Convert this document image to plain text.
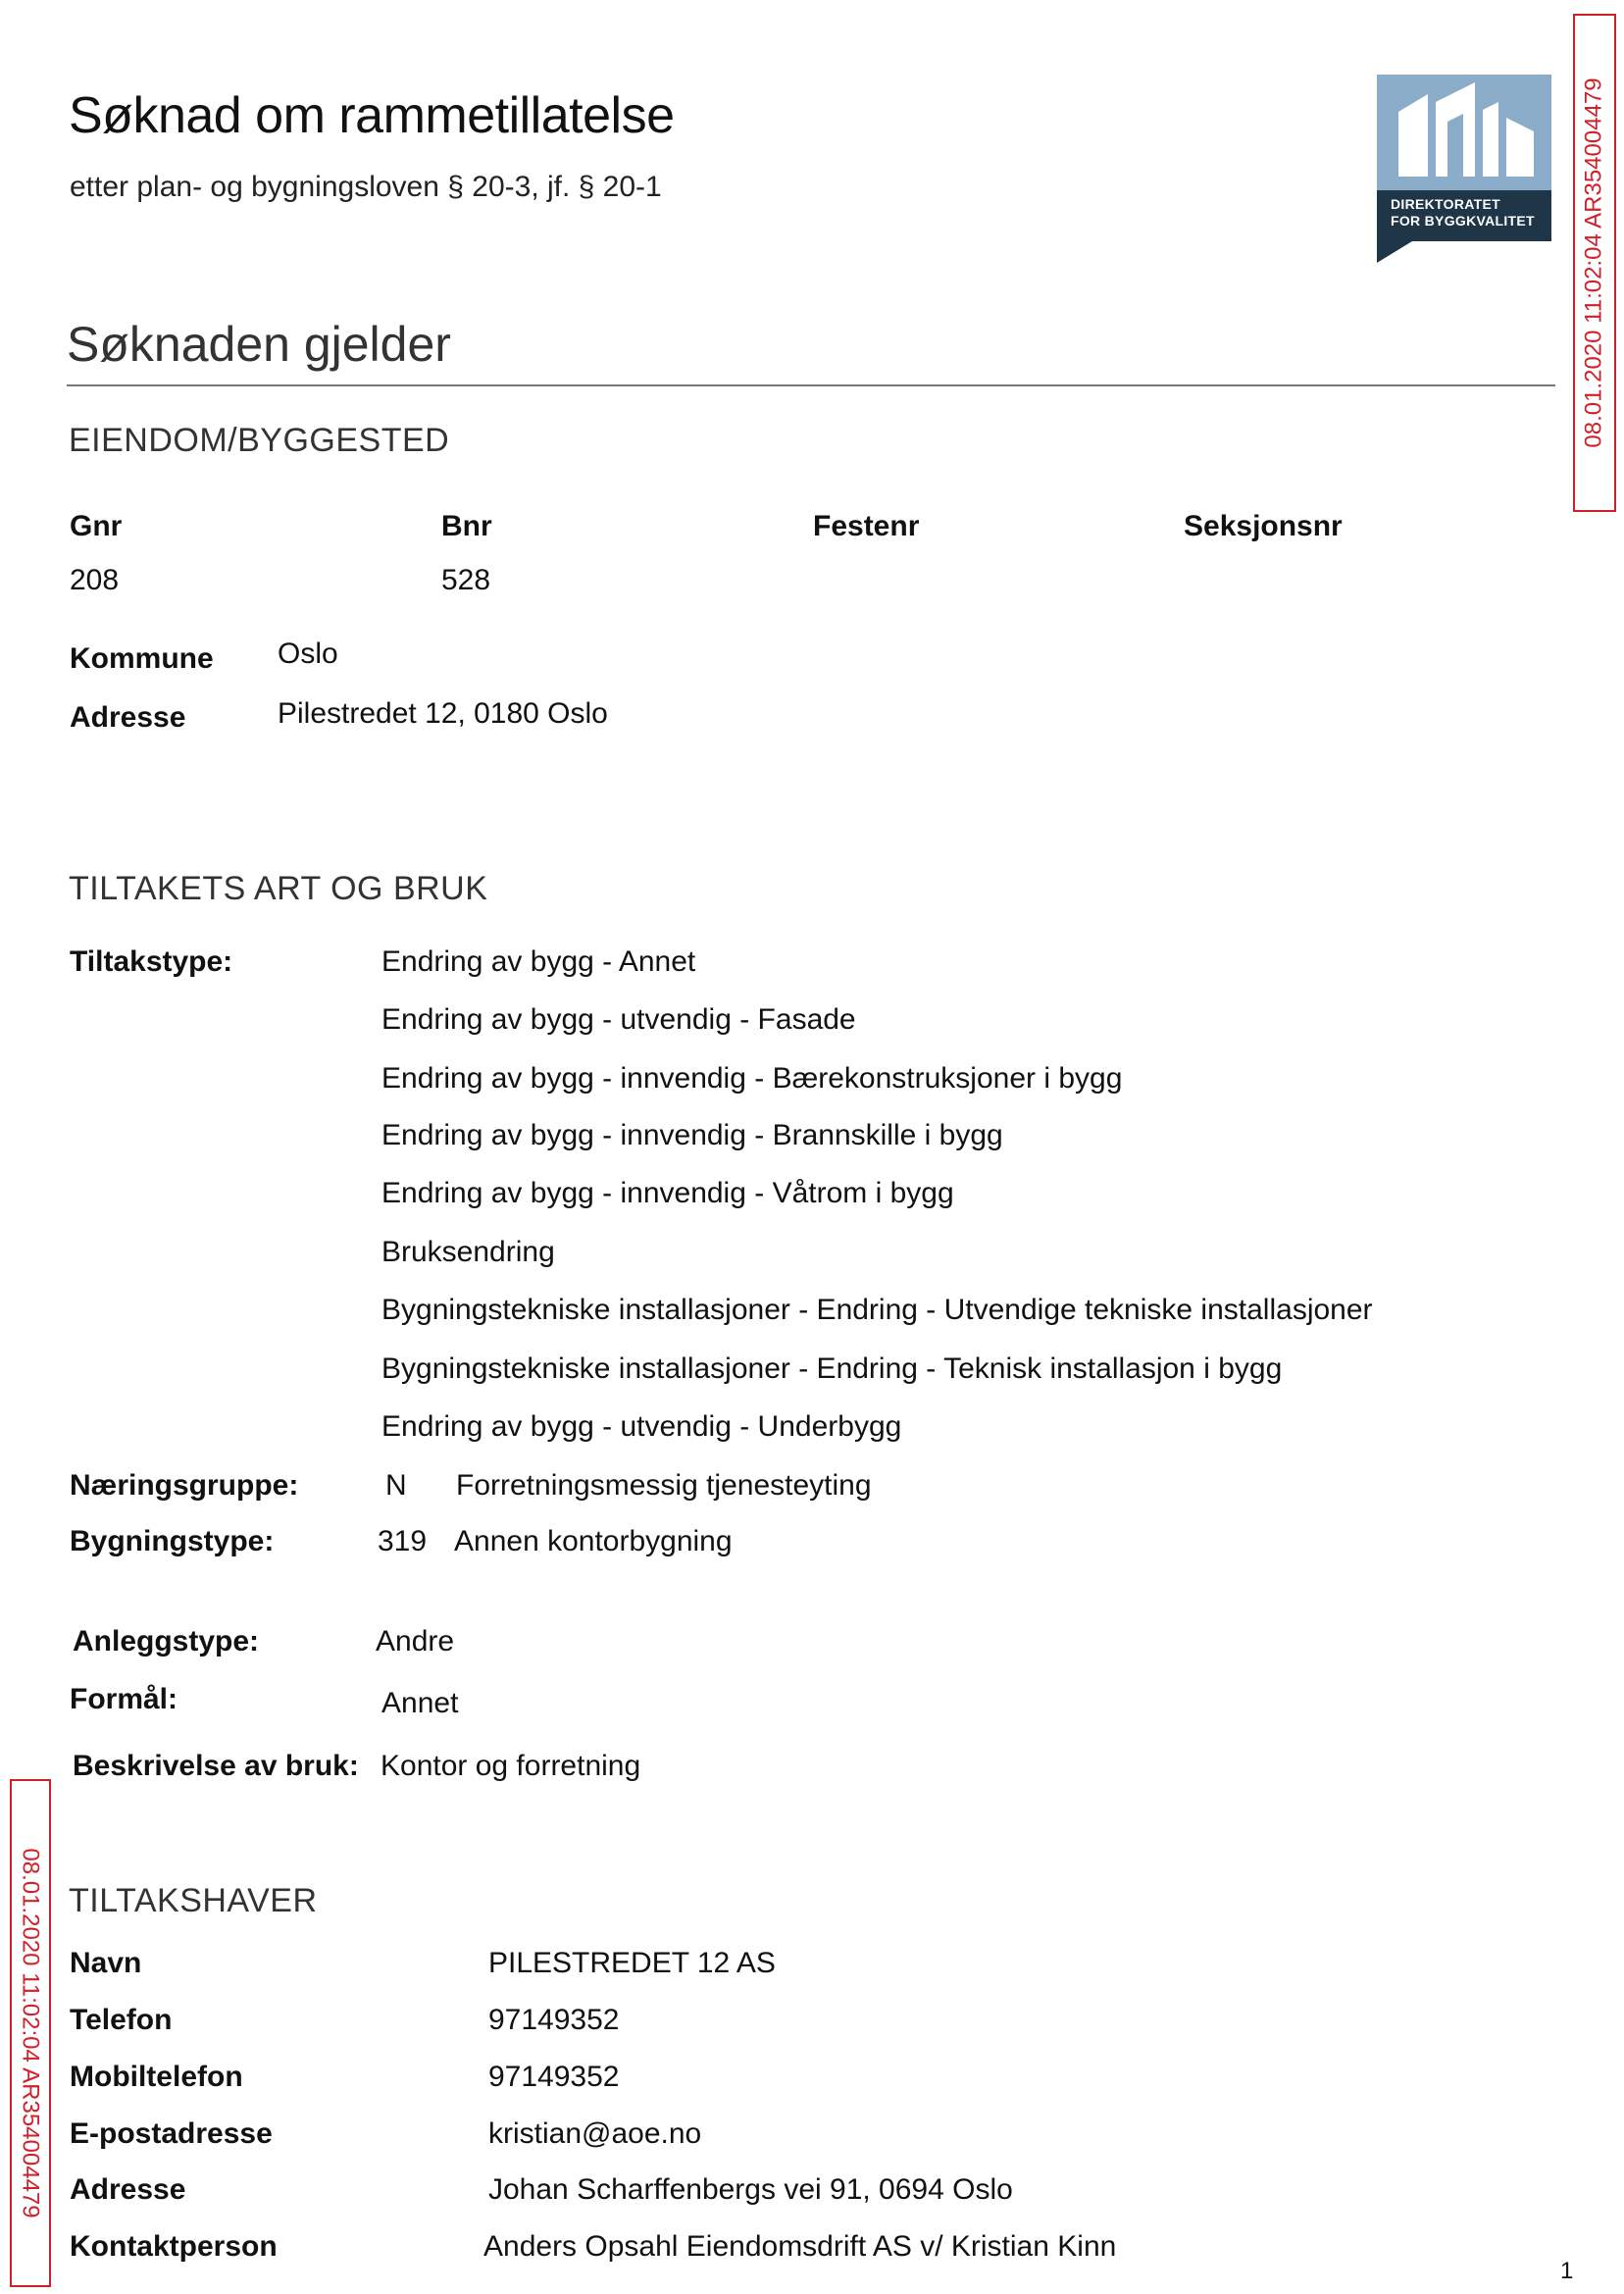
Søknad om rammetillatelse
etter plan- og bygningsloven § 20-3, jf. § 20-1
DIREKTORATET
FOR BYGGKVALITET	08.01.2020 11:02:04 AR354004479
08.01.2020 11:02:04 AR354004479
Søknaden gjelder
EIENDOM/BYGGESTED
Gnr	Bnr	Festenr	Seksjonsnr
208	528
Kommune Oslo
Adresse	Pilestredet 12, 0180 Oslo
TILTAKETS ART OG BRUK
Tiltakstype:	Endring av bygg - Annet
Endring av bygg - utvendig - Fasade
Endring av bygg - innvendig - Bærekonstruksjoner i bygg
Endring av bygg - innvendig - Brannskille i bygg
Endring av bygg - innvendig - Våtrom i bygg
Bruksendring
Bygningstekniske installasjoner - Endring - Utvendige tekniske installasjoner
Bygningstekniske installasjoner - Endring - Teknisk installasjon i bygg
Endring av bygg - utvendig - Underbygg
Næringsgruppe:	N Forretningsmessig tjenesteyting
Bygningstype:	319 Annen kontorbygning
Anleggstype:	Andre
Formål:	Annet
Beskrivelse av bruk: Kontor og forretning
TILTAKSHAVER
Navn	PILESTREDET 12 AS
Telefon	97149352
Mobiltelefon	97149352
E-postadresse	kristian@aoe.no
Adresse	Johan Scharffenbergs vei 91, 0694 Oslo
Kontaktperson	Anders Opsahl Eiendomsdrift AS v/ Kristian Kinn
1
